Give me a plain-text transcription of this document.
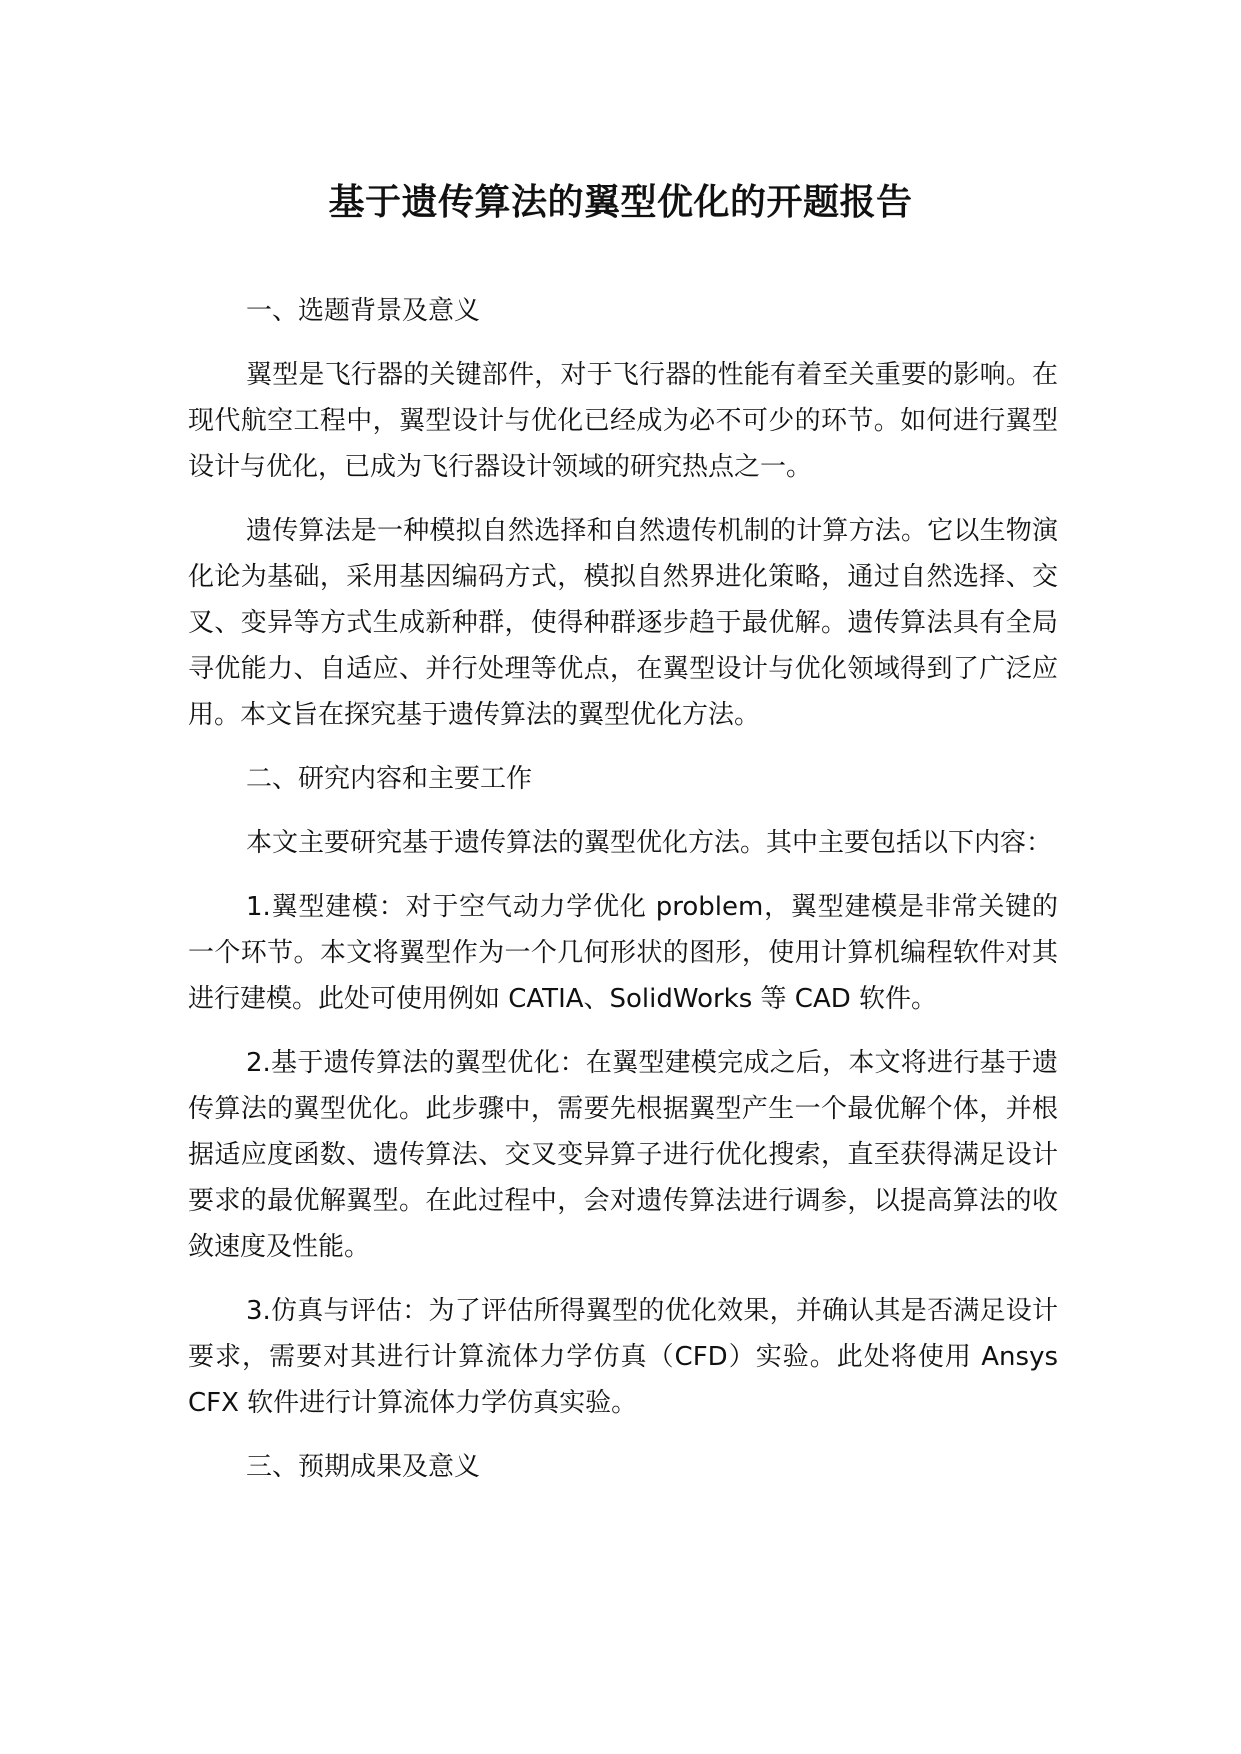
基于遗传算法的翼型优化的开题报告

一、选题背景及意义

翼型是飞行器的关键部件，对于飞行器的性能有着至关重要的影响。在现代航空工程中，翼型设计与优化已经成为必不可少的环节。如何进行翼型设计与优化，已成为飞行器设计领域的研究热点之一。

遗传算法是一种模拟自然选择和自然遗传机制的计算方法。它以生物演化论为基础，采用基因编码方式，模拟自然界进化策略，通过自然选择、交叉、变异等方式生成新种群，使得种群逐步趋于最优解。遗传算法具有全局寻优能力、自适应、并行处理等优点，在翼型设计与优化领域得到了广泛应用。本文旨在探究基于遗传算法的翼型优化方法。

二、研究内容和主要工作

本文主要研究基于遗传算法的翼型优化方法。其中主要包括以下内容：

1.翼型建模：对于空气动力学优化 problem，翼型建模是非常关键的一个环节。本文将翼型作为一个几何形状的图形，使用计算机编程软件对其进行建模。此处可使用例如 CATIA、SolidWorks 等 CAD 软件。

2.基于遗传算法的翼型优化：在翼型建模完成之后，本文将进行基于遗传算法的翼型优化。此步骤中，需要先根据翼型产生一个最优解个体，并根据适应度函数、遗传算法、交叉变异算子进行优化搜索，直至获得满足设计要求的最优解翼型。在此过程中，会对遗传算法进行调参，以提高算法的收敛速度及性能。

3.仿真与评估：为了评估所得翼型的优化效果，并确认其是否满足设计要求，需要对其进行计算流体力学仿真（CFD）实验。此处将使用 Ansys CFX 软件进行计算流体力学仿真实验。

三、预期成果及意义
